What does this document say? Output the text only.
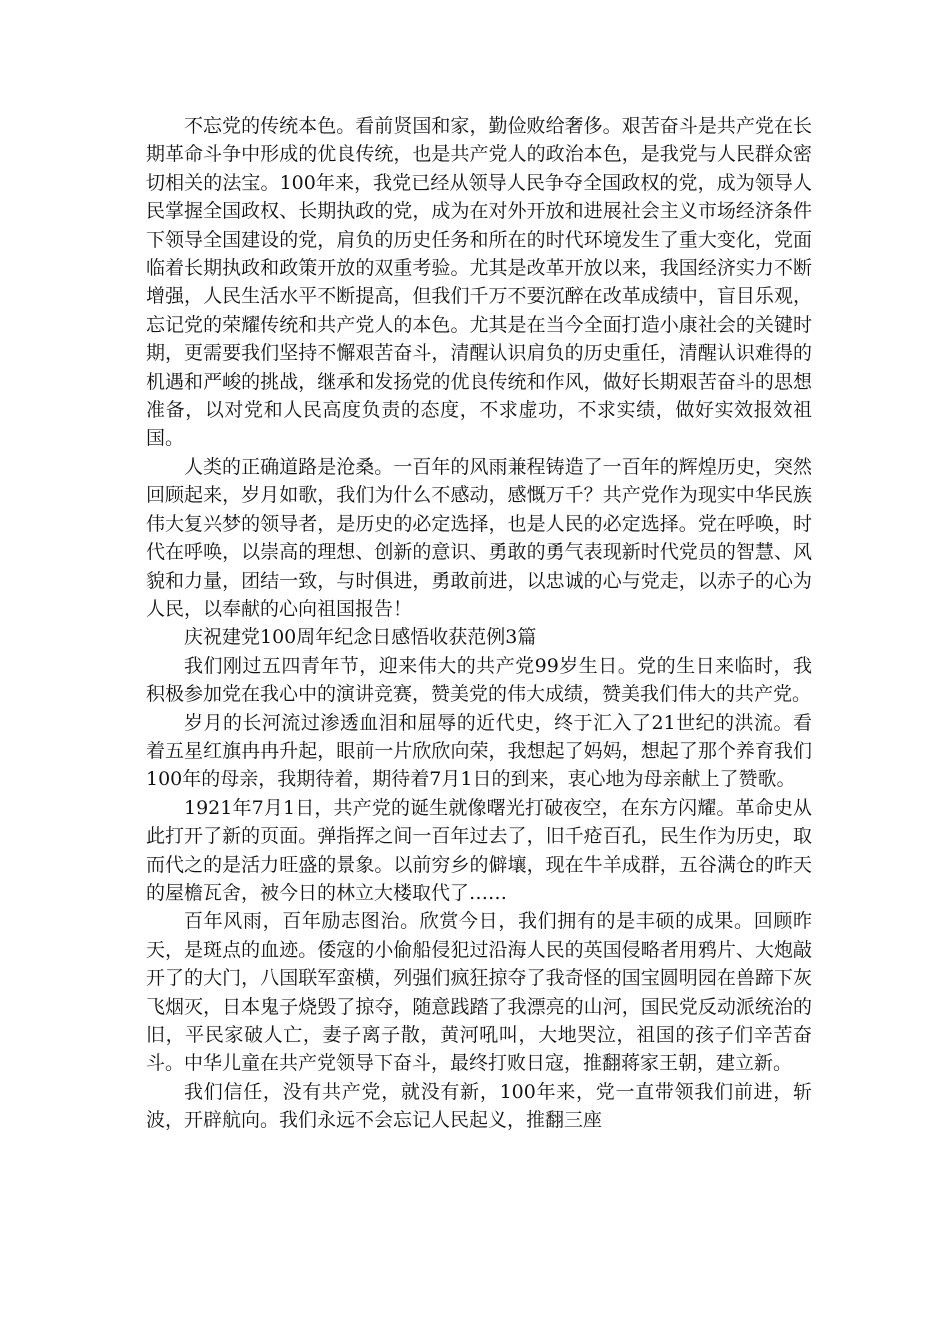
不忘党的传统本色。看前贤国和家，勤俭败给奢侈。艰苦奋斗是共产党在长期革命斗争中形成的优良传统，也是共产党人的政治本色，是我党与人民群众密切相关的法宝。100年来，我党已经从领导人民争夺全国政权的党，成为领导人民掌握全国政权、长期执政的党，成为在对外开放和进展社会主义市场经济条件下领导全国建设的党，肩负的历史任务和所在的时代环境发生了重大变化，党面临着长期执政和政策开放的双重考验。尤其是改革开放以来，我国经济实力不断增强，人民生活水平不断提高，但我们千万不要沉醉在改革成绩中，盲目乐观，忘记党的荣耀传统和共产党人的本色。尤其是在当今全面打造小康社会的关键时期，更需要我们坚持不懈艰苦奋斗，清醒认识肩负的历史重任，清醒认识难得的机遇和严峻的挑战，继承和发扬党的优良传统和作风，做好长期艰苦奋斗的思想准备，以对党和人民高度负责的态度，不求虚功，不求实绩，做好实效报效祖国。

人类的正确道路是沧桑。一百年的风雨兼程铸造了一百年的辉煌历史，突然回顾起来，岁月如歌，我们为什么不感动，感慨万千？共产党作为现实中华民族伟大复兴梦的领导者，是历史的必定选择，也是人民的必定选择。党在呼唤，时代在呼唤，以崇高的理想、创新的意识、勇敢的勇气表现新时代党员的智慧、风貌和力量，团结一致，与时俱进，勇敢前进，以忠诚的心与党走，以赤子的心为人民，以奉献的心向祖国报告！

庆祝建党100周年纪念日感悟收获范例3篇

我们刚过五四青年节，迎来伟大的共产党99岁生日。党的生日来临时，我积极参加党在我心中的演讲竞赛，赞美党的伟大成绩，赞美我们伟大的共产党。

岁月的长河流过渗透血泪和屈辱的近代史，终于汇入了21世纪的洪流。看着五星红旗冉冉升起，眼前一片欣欣向荣，我想起了妈妈，想起了那个养育我们100年的母亲，我期待着，期待着7月1日的到来，衷心地为母亲献上了赞歌。

1921年7月1日，共产党的诞生就像曙光打破夜空，在东方闪耀。革命史从此打开了新的页面。弹指挥之间一百年过去了，旧千疮百孔，民生作为历史，取而代之的是活力旺盛的景象。以前穷乡的僻壤，现在牛羊成群，五谷满仓的昨天的屋檐瓦舍，被今日的林立大楼取代了……

百年风雨，百年励志图治。欣赏今日，我们拥有的是丰硕的成果。回顾昨天，是斑点的血迹。倭寇的小偷船侵犯过沿海人民的英国侵略者用鸦片、大炮敲开了的大门，八国联军蛮横，列强们疯狂掠夺了我奇怪的国宝圆明园在兽蹄下灰飞烟灭，日本鬼子烧毁了掠夺，随意践踏了我漂亮的山河，国民党反动派统治的旧，平民家破人亡，妻子离子散，黄河吼叫，大地哭泣，祖国的孩子们辛苦奋斗。中华儿童在共产党领导下奋斗，最终打败日寇，推翻蒋家王朝，建立新。

我们信任，没有共产党，就没有新，100年来，党一直带领我们前进，斩波，开辟航向。我们永远不会忘记人民起义，推翻三座
